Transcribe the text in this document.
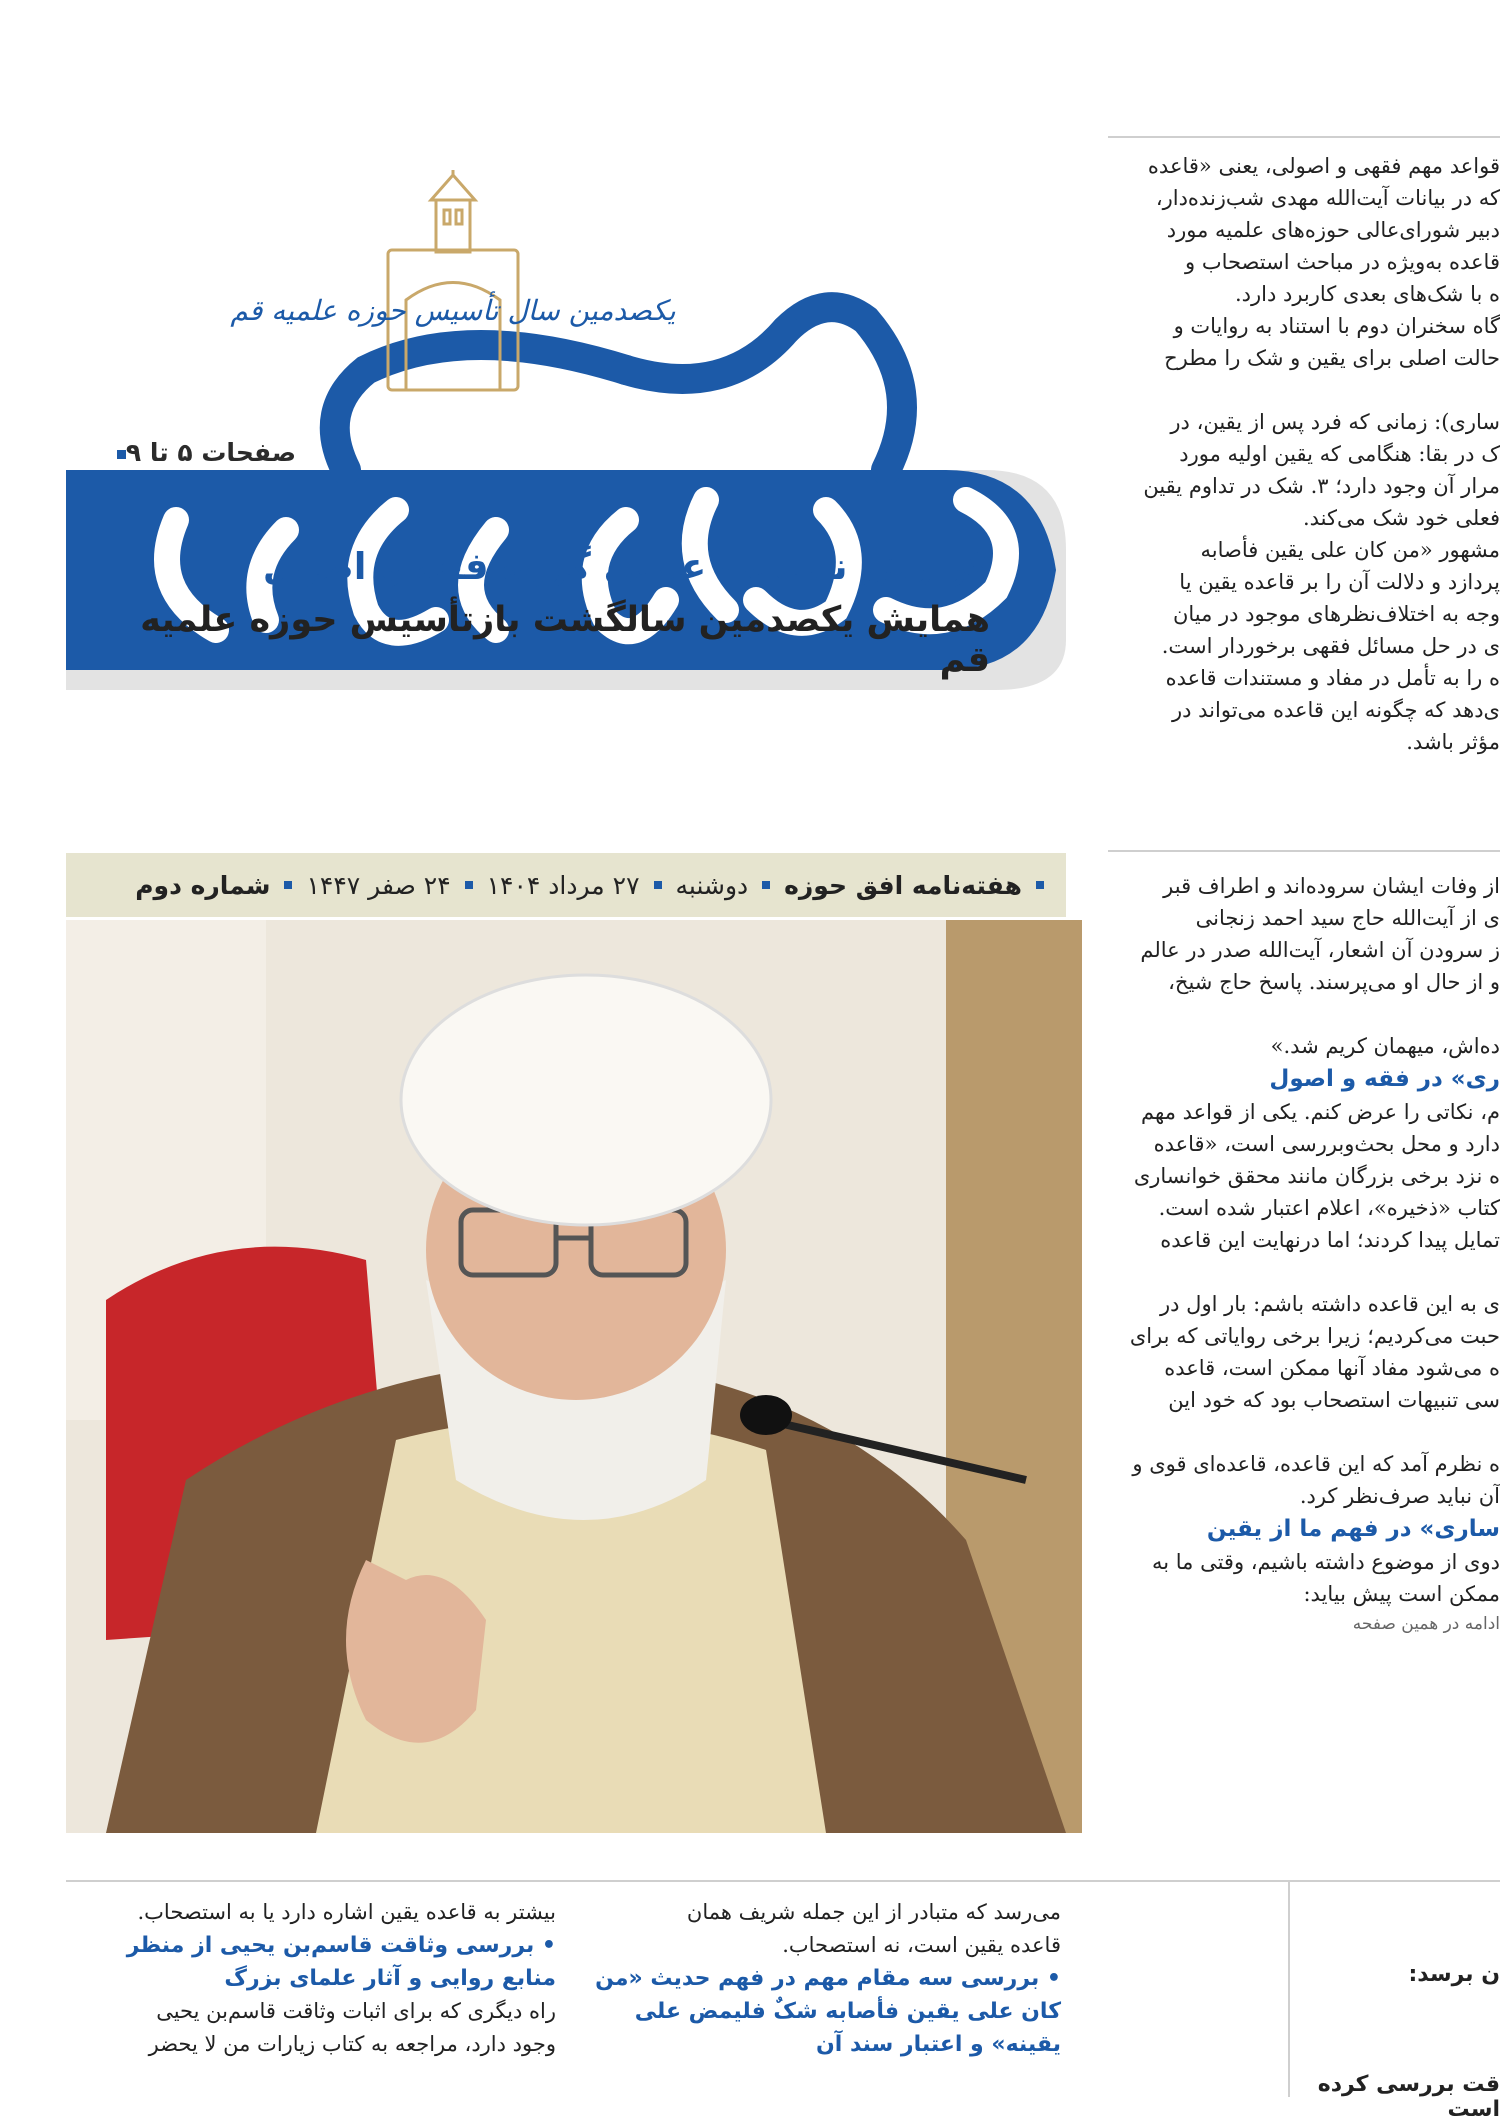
یکصدمین سال تأسیس حوزه علمیه قم
صفحات ۵ تا ۹
گزارش نشست علمی گروه فقه و اصول
همایش یکصدمین سالگشت بازتأسیس حوزه علمیه قم
هفته‌نامه افق حوزه
دوشنبه
۲۷ مرداد ۱۴۰۴
۲۴ صفر ۱۴۴۷
شماره دوم

قواعد مهم فقهی و اصولی، یعنی «قاعده

که در بیانات آیت‌الله مهدی شب‌زنده‌دار،

دبیر شورای‌عالی حوزه‌های علمیه مورد

قاعده به‌ویژه در مباحث استصحاب و

ه با شک‌های بعدی کاربرد دارد.

گاه سخنران دوم با استناد به روایات و

حالت اصلی برای یقین و شک را مطرح

ساری): زمانی که فرد پس از یقین، در

ک در بقا: هنگامی که یقین اولیه مورد

مرار آن وجود دارد؛ ۳. شک در تداوم یقین

فعلی خود شک می‌کند.

مشهور «من کان علی یقین فأصابه

پردازد و دلالت آن را بر قاعده یقین یا

وجه به اختلاف‌نظرهای موجود در میان

ی در حل مسائل فقهی برخوردار است.

ه را به تأمل در مفاد و مستندات قاعده

ی‌دهد که چگونه این قاعده می‌تواند در

مؤثر باشد.

از وفات ایشان سروده‌اند و اطراف قبر

ی از آیت‌الله حاج سید احمد زنجانی

ز سرودن آن اشعار، آیت‌الله صدر در عالم

و از حال او می‌پرسند. پاسخ حاج شیخ،

ده‌اش، میهمان کریم شد.»

ری» در فقه و اصول

م، نکاتی را عرض کنم. یکی از قواعد مهم

دارد و محل بحث‌وبررسی است، «قاعده

ه نزد برخی بزرگان مانند محقق خوانساری

کتاب «ذخیره»، اعلام اعتبار شده است.

تمایل پیدا کردند؛ اما درنهایت این قاعده

ی به این قاعده داشته باشم: بار اول در

حبت می‌کردیم؛ زیرا برخی روایاتی که برای

ه می‌شود مفاد آنها ممکن است، قاعده

سی تنبیهات استصحاب بود که خود این

ه نظرم آمد که این قاعده، قاعده‌ای قوی و

آن نباید صرف‌نظر کرد.

ساری» در فهم ما از یقین

دوی از موضوع داشته باشیم، وقتی ما به

ممکن است پیش بیاید:

ادامه در همین صفحه

بیشتر به قاعده یقین اشاره دارد یا به استصحاب.
• بررسی وثاقت قاسم‌بن یحیی از منظر منابع روایی و آثار علمای بزرگ
راه دیگری که برای اثبات وثاقت قاسم‌بن یحیی
وجود دارد، مراجعه به کتاب زیارات من لا یحضر
می‌رسد که متبادر از این جمله شریف همان
قاعده یقین است، نه استصحاب.
• بررسی سه مقام مهم در فهم حدیث «من کان علی یقین فأصابه شکٌ فلیمض علی یقینه» و اعتبار سند آن
ن برسد:
قت بررسی کرده است
